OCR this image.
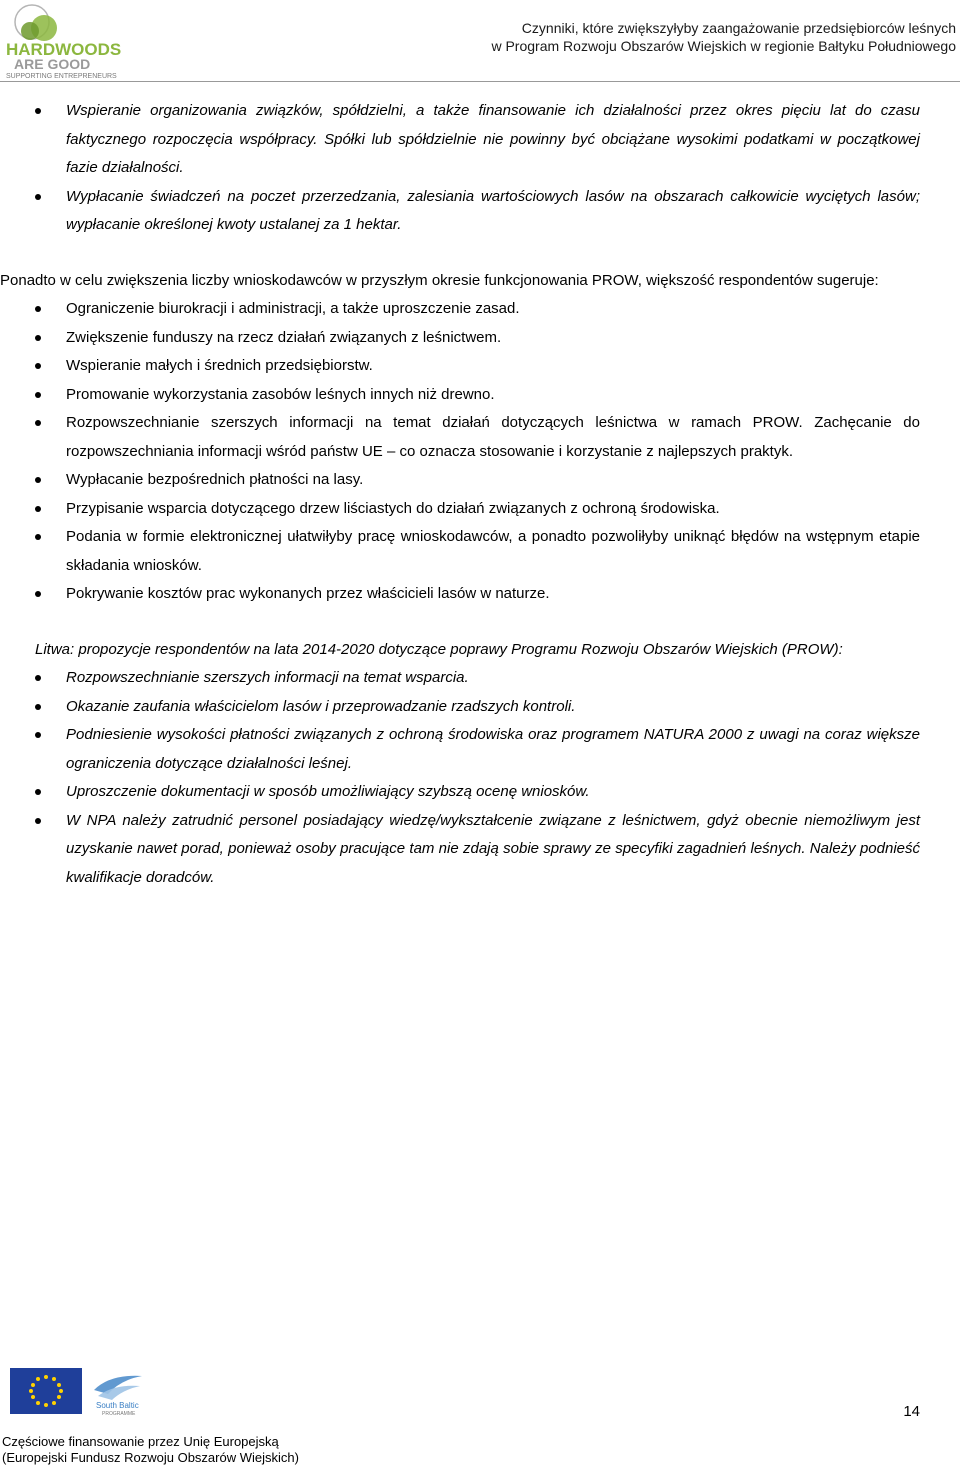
HARDWOODS
ARE GOOD
SUPPORTING ENTREPRENEURS
Czynniki, które zwiększyłyby zaangażowanie przedsiębiorców leśnych
w Program Rozwoju Obszarów Wiejskich w regionie Bałtyku Południowego
Wspieranie organizowania związków, spółdzielni, a także finansowanie ich działalności przez okres pięciu lat do czasu faktycznego rozpoczęcia współpracy. Spółki lub spółdzielnie nie powinny być obciążane wysokimi podatkami w początkowej fazie działalności.
Wypłacanie świadczeń na poczet przerzedzania, zalesiania wartościowych lasów na obszarach całkowicie wyciętych lasów; wypłacanie określonej kwoty ustalanej za 1 hektar.

Ponadto w celu zwiększenia liczby wnioskodawców w przyszłym okresie funkcjonowania PROW, większość respondentów sugeruje:

Ograniczenie biurokracji i administracji, a także uproszczenie zasad.
Zwiększenie funduszy na rzecz działań związanych z leśnictwem.
Wspieranie małych i średnich przedsiębiorstw.
Promowanie wykorzystania zasobów leśnych innych niż drewno.
Rozpowszechnianie szerszych informacji na temat działań dotyczących leśnictwa w ramach PROW. Zachęcanie do rozpowszechniania informacji wśród państw UE – co oznacza stosowanie i korzystanie z najlepszych praktyk.
Wypłacanie bezpośrednich płatności na lasy.
Przypisanie wsparcia dotyczącego drzew liściastych do działań związanych z ochroną środowiska.
Podania w formie elektronicznej ułatwiłyby pracę wnioskodawców, a ponadto pozwoliłyby uniknąć błędów na wstępnym etapie składania wniosków.
Pokrywanie kosztów prac wykonanych przez właścicieli lasów w naturze.

Litwa: propozycje respondentów na lata 2014-2020 dotyczące poprawy Programu Rozwoju Obszarów Wiejskich (PROW):

Rozpowszechnianie szerszych informacji na temat wsparcia.
Okazanie zaufania właścicielom lasów i przeprowadzanie rzadszych kontroli.
Podniesienie wysokości płatności związanych z ochroną środowiska oraz programem NATURA 2000 z uwagi na coraz większe ograniczenia dotyczące działalności leśnej.
Uproszczenie dokumentacji w sposób umożliwiający szybszą ocenę wniosków.
W NPA należy zatrudnić personel posiadający wiedzę/wykształcenie związane z leśnictwem, gdyż obecnie niemożliwym jest uzyskanie nawet porad, ponieważ osoby pracujące tam nie zdają sobie sprawy ze specyfiki zagadnień leśnych. Należy podnieść kwalifikacje doradców.
South Baltic
PROGRAMME	14
Częściowe finansowanie przez Unię Europejską
(Europejski Fundusz Rozwoju Obszarów Wiejskich)
